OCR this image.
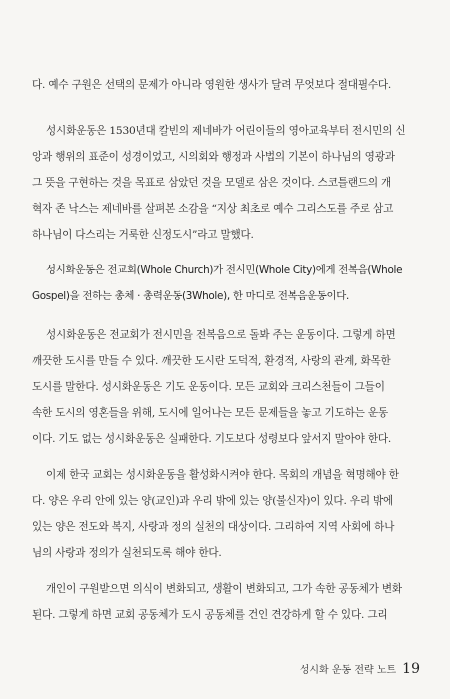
다. 예수 구원은 선택의 문제가 아니라 영원한 생사가 달려 무엇보다 절대필수다.

성시화운동은 1530년대 칼빈의 제네바가 어린이들의 영아교육부터 전시민의 신
앙과 행위의 표준이 성경이었고, 시의회와 행정과 사법의 기본이 하나님의 영광과
그 뜻을 구현하는 것을 목표로 삼았던 것을 모델로 삼은 것이다. 스코틀랜드의 개
혁자 존 낙스는 제네바를 살펴본 소감을 “지상 최초로 예수 그리스도를 주로 삼고
하나님이 다스리는 거룩한 신정도시”라고 말했다.

성시화운동은 전교회(Whole Church)가 전시민(Whole City)에게 전복음(Whole
Gospel)을 전하는 총체 · 총력운동(3Whole), 한 마디로 전복음운동이다.

성시화운동은 전교회가 전시민을 전복음으로 돌봐 주는 운동이다. 그렇게 하면
깨끗한 도시를 만들 수 있다. 깨끗한 도시란 도덕적, 환경적, 사랑의 관계, 화목한
도시를 말한다. 성시화운동은 기도 운동이다. 모든 교회와 크리스천들이 그들이
속한 도시의 영혼들을 위해, 도시에 일어나는 모든 문제들을 놓고 기도하는 운동
이다. 기도 없는 성시화운동은 실패한다. 기도보다 성령보다 앞서지 말아야 한다.

이제 한국 교회는 성시화운동을 활성화시켜야 한다. 목회의 개념을 혁명해야 한
다. 양은 우리 안에 있는 양(교인)과 우리 밖에 있는 양(불신자)이 있다. 우리 밖에
있는 양은 전도와 복지, 사랑과 정의 실천의 대상이다. 그리하여 지역 사회에 하나
님의 사랑과 정의가 실천되도록 해야 한다.

개인이 구원받으면 의식이 변화되고, 생활이 변화되고, 그가 속한 공동체가 변화
된다. 그렇게 하면 교회 공동체가 도시 공동체를 건인 견강하게 할 수 있다. 그리

성시화 운동 전략 노트 19
